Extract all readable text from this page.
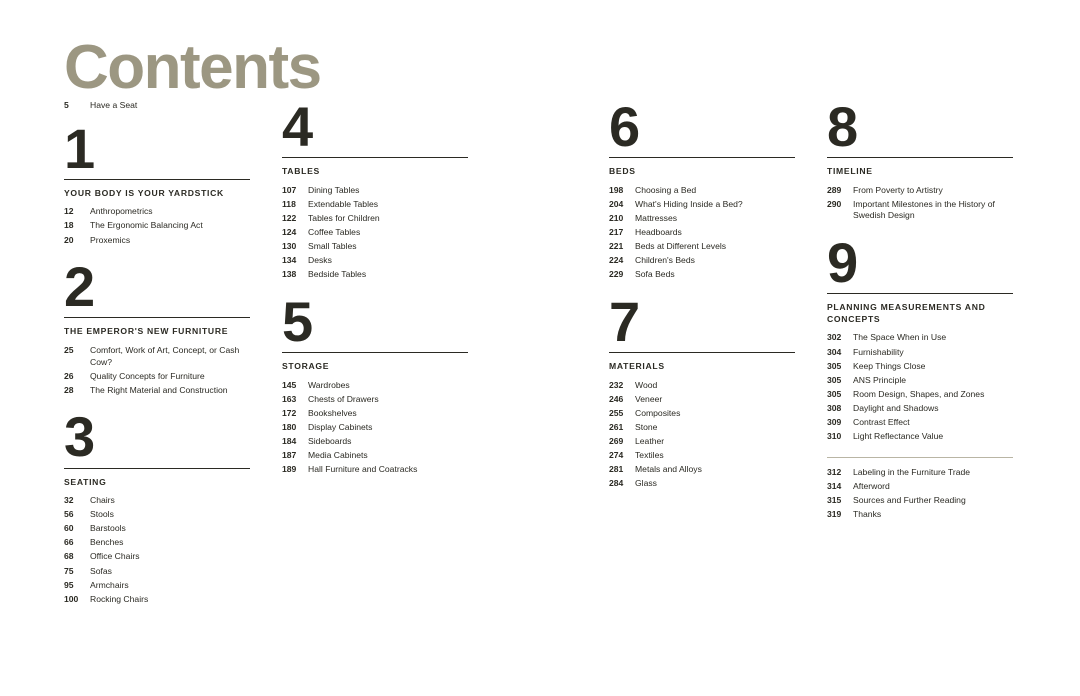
Contents
5	Have a Seat
1
YOUR BODY IS YOUR YARDSTICK
12	Anthropometrics
18	The Ergonomic Balancing Act
20	Proxemics
2
THE EMPEROR'S NEW FURNITURE
25	Comfort, Work of Art, Concept, or Cash Cow?
26	Quality Concepts for Furniture
28	The Right Material and Construction
3
SEATING
32	Chairs
56	Stools
60	Barstools
66	Benches
68	Office Chairs
75	Sofas
95	Armchairs
100	Rocking Chairs
4
TABLES
107	Dining Tables
118	Extendable Tables
122	Tables for Children
124	Coffee Tables
130	Small Tables
134	Desks
138	Bedside Tables
5
STORAGE
145	Wardrobes
163	Chests of Drawers
172	Bookshelves
180	Display Cabinets
184	Sideboards
187	Media Cabinets
189	Hall Furniture and Coatracks
6
BEDS
198	Choosing a Bed
204	What's Hiding Inside a Bed?
210	Mattresses
217	Headboards
221	Beds at Different Levels
224	Children's Beds
229	Sofa Beds
7
MATERIALS
232	Wood
246	Veneer
255	Composites
261	Stone
269	Leather
274	Textiles
281	Metals and Alloys
284	Glass
8
TIMELINE
289	From Poverty to Artistry
290	Important Milestones in the History of Swedish Design
9
PLANNING MEASUREMENTS AND CONCEPTS
302	The Space When in Use
304	Furnishability
305	Keep Things Close
305	ANS Principle
305	Room Design, Shapes, and Zones
308	Daylight and Shadows
309	Contrast Effect
310	Light Reflectance Value
312	Labeling in the Furniture Trade
314	Afterword
315	Sources and Further Reading
319	Thanks
